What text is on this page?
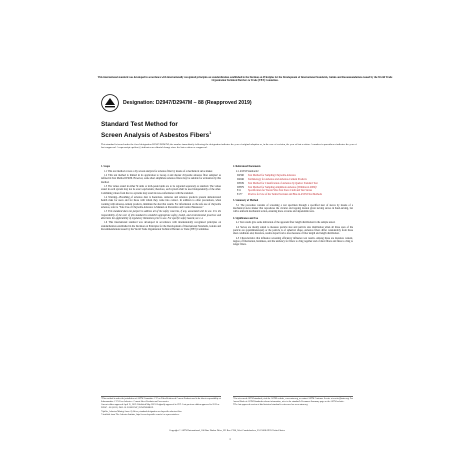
This international standard was developed in accordance with internationally recognized principles on standardization established in the Decision on Principles for the Development of International Standards, Guides and Recommendations issued by the World Trade Organization Technical Barriers to Trade (TBT) Committee.
Designation: D2947/D2947M – 88 (Reapproved 2019)
Standard Test Method for
Screen Analysis of Asbestos Fibers$^1$
This standard is issued under the fixed designation D2947/D2947M; the number immediately following the designation indicates the year of original adoption or, in the case of revision, the year of last revision. A number in parentheses indicates the year of last reapproval. A superscript epsilon (ε) indicates an editorial change since the last revision or reapproval.
1. Scope

1.1 This test method covers a dry screen analysis for asbestos fiber by means of a mechanical sieve shaker.

1.2 This test method is limited in its application to Group 4 and shorter chrysotile asbestos fiber samples² as defined in Test Method D3639. However, some short amphibole asbestos fibers may be suitable for evaluation by this method.

1.3 The values stated in either SI units or inch-pound units are to be regarded separately as standard. The values stated in each system may not be exact equivalents; therefore, each system shall be used independently of the other. Combining values from the two systems may result in non-conformance with the standard.

1.4 Warning—Breathing of asbestos dust is hazardous. Asbestos and asbestos products present demonstrated health risks for users and for those with whom they come into contact. In addition to other precautions, when working with asbestos-cement products, minimize the dust that results. For information on the safe use of chrysotile asbestos, refer to "Safe Use of Chrysotile Asbestos: A Manual on Preventive and Control Measures."

1.5 This standard does not purport to address all of the safety concerns, if any, associated with its use. It is the responsibility of the user of this standard to establish appropriate safety, health, and environmental practices and determine the applicability of regulatory limitations prior to use. For specific safety hazard, see 1.4.

1.6 This international standard was developed in accordance with internationally recognized principles on standardization established in the Decision on Principles for the Development of International Standards, Guides and Recommendations issued by the World Trade Organization Technical Barriers to Trade (TBT) Committee.

2. Referenced Documents

2.1 ASTM Standards:³

D2590 Test Method for Sampling Chrysotile Asbestos
D2946 Terminology for Asbestos and Asbestos-Cement Products
D3639 Test Method for Classification of Asbestos by Quebec Standard Test
D3879 Test Method for Sampling Amphibole Asbestos (Withdrawn 2009)⁴
E11	Specification for Woven Wire Test Sieve Cloth and Test Sieves
E177 Practice for Use of the Terms Precision and Bias in ASTM Test Methods
3. Summary of Method

3.1 The procedure consists of screening a test specimen through a specified nest of sieves by means of a mechanical sieve shaker that reproduces the circular and tapping motion given sieving sieves in hand-sieving, but with a uniform mechanical action, ensuring more accurate and dependable tests.

4. Significance and Use

4.1 Test results give some indication of the apparent fiber length distribution in the sample tested.

4.2 Sieves are ideally suited to measure particle size and particle size distribution when all three axes of the particle are (equidimensional) or the particle is of spherical shape. Asbestos fibers differ considerably from these ideal conditions and, therefore, results depart from a true measure of fiber length and length distribution.

4.3 Characteristics that influence screening efficiency influence test results. Among these are moisture content, degree of fiberization, harshness, and the tendency for fibers to cling together and of short fibers and fines to cling to longer fibers.

¹ This method is under the jurisdiction of ASTM Committee C17 on Fiber-Reinforced Cement Products and is the direct responsibility of Subcommittee C17.03 on Asbestos - Cement Sheet Products and Accessories.

Current edition approved April 15, 2019. Published May 2019. Originally approved in 1971. Last previous edition approved in 2013 as D2947 – 88 (2013). DOI: 10.1520/D2947_D2947M-88R19.

² Spiller, Asbestos Mining Assoc. Q 64 ton, standard designation as chrysotile asbestos fiber.

³ Available from The Asbestos Institute, http://www.chrysotile.com/en/ or representatives.

³ For referenced ASTM standards, visit the ASTM website, www.astm.org, or contact ASTM Customer Service at service@astm.org. For Annual Book of ASTM Standards volume information, refer to the standard's Document Summary page on the ASTM website.

⁴ The last approved version of this historical standard is referenced on www.astm.org.

Copyright © ASTM International, 100 Barr Harbor Drive, PO Box C700, West Conshohocken, PA 19428-2959. United States
1
